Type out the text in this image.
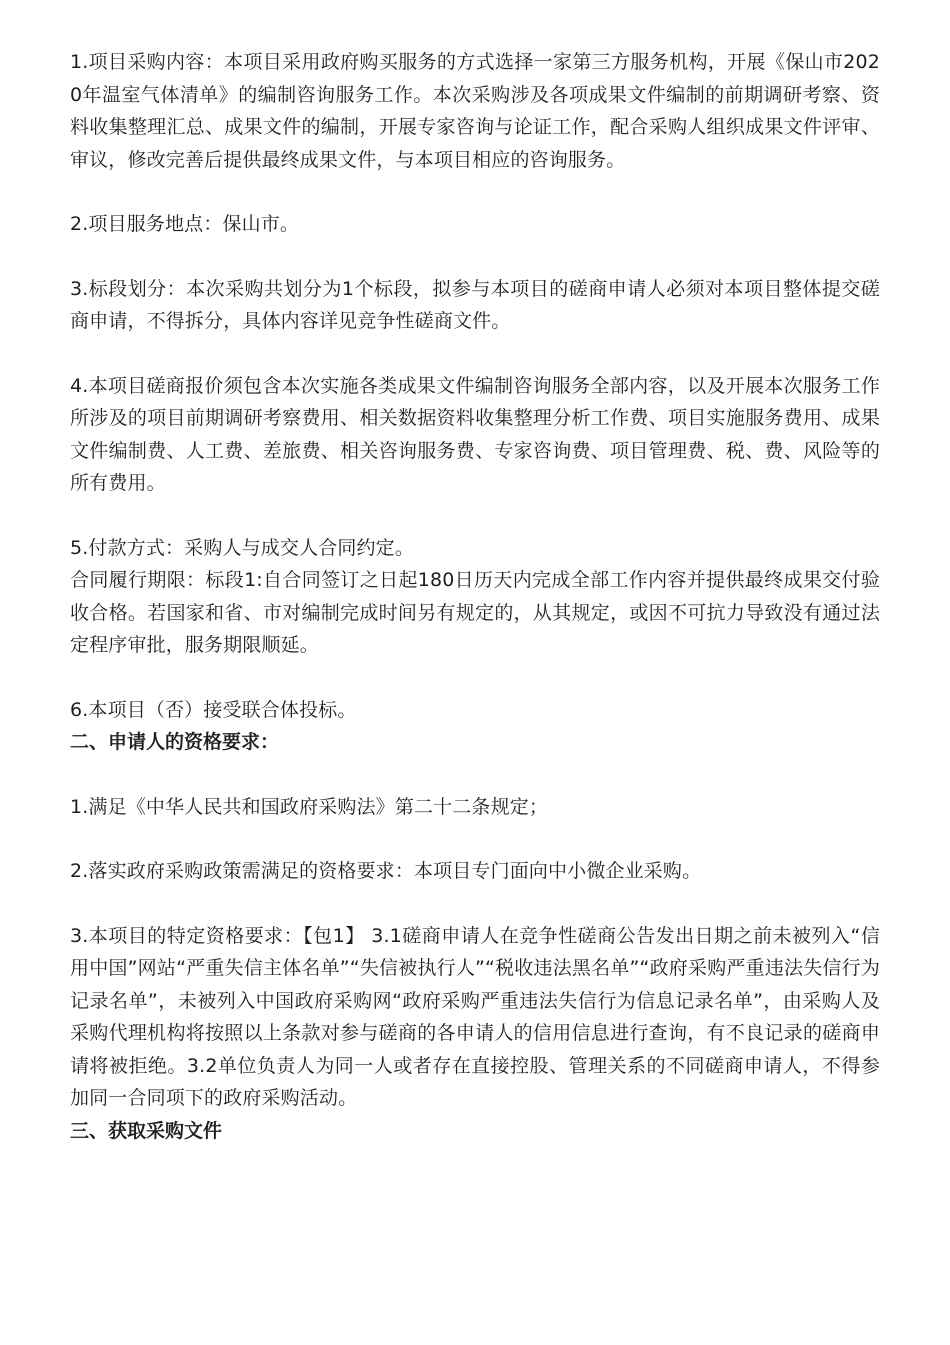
1.项目采购内容：本项目采用政府购买服务的方式选择一家第三方服务机构，开展《保山市2020年温室气体清单》的编制咨询服务工作。本次采购涉及各项成果文件编制的前期调研考察、资料收集整理汇总、成果文件的编制，开展专家咨询与论证工作，配合采购人组织成果文件评审、审议，修改完善后提供最终成果文件，与本项目相应的咨询服务。

2.项目服务地点：保山市。

3.标段划分：本次采购共划分为1个标段，拟参与本项目的磋商申请人必须对本项目整体提交磋商申请，不得拆分，具体内容详见竞争性磋商文件。

4.本项目磋商报价须包含本次实施各类成果文件编制咨询服务全部内容，以及开展本次服务工作所涉及的项目前期调研考察费用、相关数据资料收集整理分析工作费、项目实施服务费用、成果文件编制费、人工费、差旅费、相关咨询服务费、专家咨询费、项目管理费、税、费、风险等的所有费用。

5.付款方式：采购人与成交人合同约定。

合同履行期限：标段1:自合同签订之日起180日历天内完成全部工作内容并提供最终成果交付验收合格。若国家和省、市对编制完成时间另有规定的，从其规定，或因不可抗力导致没有通过法定程序审批，服务期限顺延。

6.本项目（否）接受联合体投标。

二、申请人的资格要求：

1.满足《中华人民共和国政府采购法》第二十二条规定；

2.落实政府采购政策需满足的资格要求：本项目专门面向中小微企业采购。

3.本项目的特定资格要求：【包1】 3.1磋商申请人在竞争性磋商公告发出日期之前未被列入“信用中国”网站“严重失信主体名单”“失信被执行人”“税收违法黑名单”“政府采购严重违法失信行为记录名单”，未被列入中国政府采购网“政府采购严重违法失信行为信息记录名单”，由采购人及采购代理机构将按照以上条款对参与磋商的各申请人的信用信息进行查询，有不良记录的磋商申请将被拒绝。3.2单位负责人为同一人或者存在直接控股、管理关系的不同磋商申请人，不得参加同一合同项下的政府采购活动。

三、获取采购文件
